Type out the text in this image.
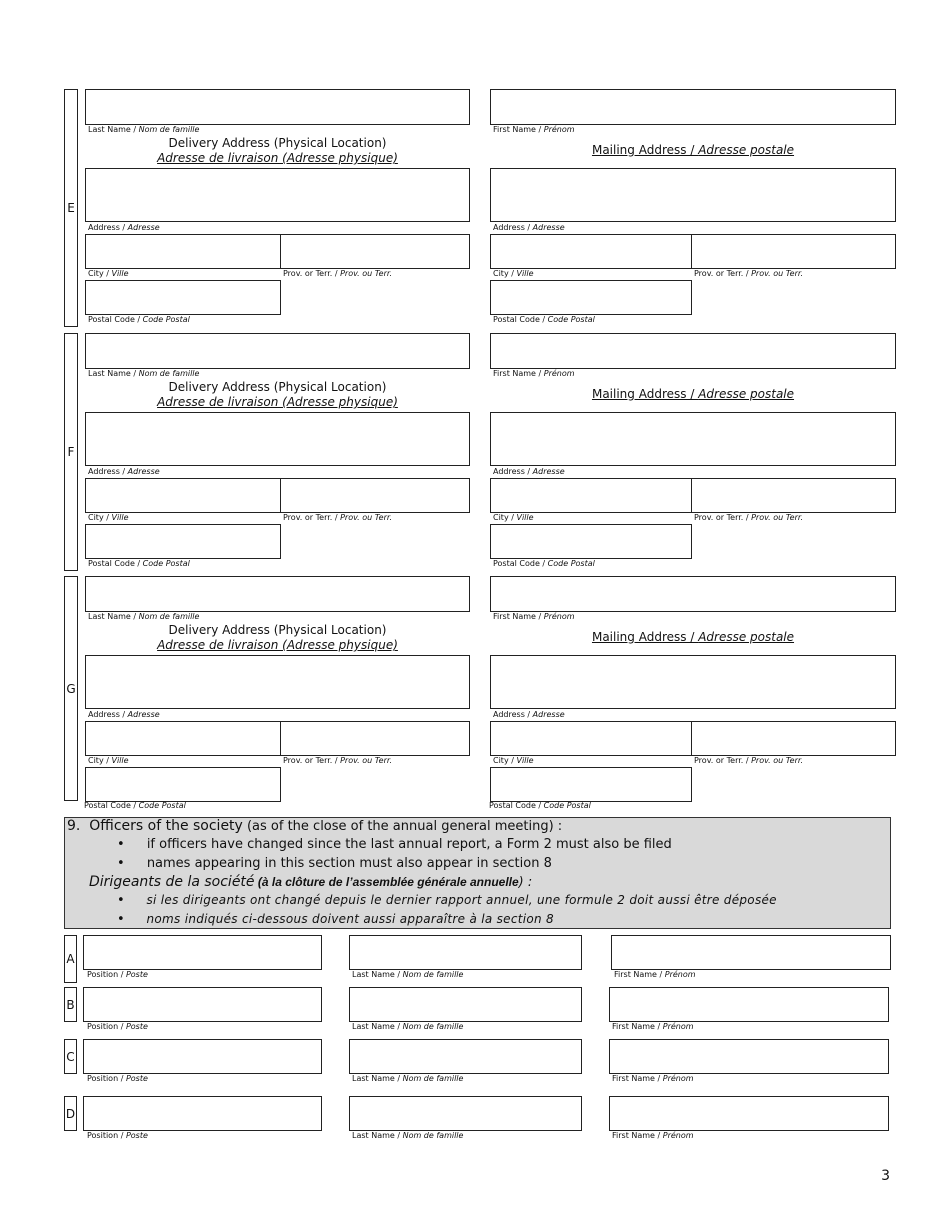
E
Last Name / Nom de famille	First Name / Prénom
Delivery Address (Physical Location)
Adresse de livraison (Adresse physique)
Mailing Address / Adresse postale
Address / Adresse	Address / Adresse
City / Ville	Prov. or Terr. / Prov. ou Terr.	City / Ville	Prov. or Terr. / Prov. ou Terr.
Postal Code / Code Postal	Postal Code / Code Postal
F
Last Name / Nom de famille	First Name / Prénom
Delivery Address (Physical Location)
Adresse de livraison (Adresse physique)
Mailing Address / Adresse postale
Address / Adresse	Address / Adresse
City / Ville	Prov. or Terr. / Prov. ou Terr.	City / Ville	Prov. or Terr. / Prov. ou Terr.
Postal Code / Code Postal	Postal Code / Code Postal
G
Last Name / Nom de famille	First Name / Prénom
Delivery Address (Physical Location)
Adresse de livraison (Adresse physique)
Mailing Address / Adresse postale
Address / Adresse	Address / Adresse
City / Ville	Prov. or Terr. / Prov. ou Terr.	City / Ville	Prov. or Terr. / Prov. ou Terr.
Postal Code / Code Postal	Postal Code / Code Postal
9. Officers of the society (as of the close of the annual general meeting) :
• if officers have changed since the last annual report, a Form 2 must also be filed
• names appearing in this section must also appear in section 8
Dirigeants de la société (à la clôture de l’assemblée générale annuelle) :
• si les dirigeants ont changé depuis le dernier rapport annuel, une formule 2 doit aussi être déposée
• noms indiqués ci-dessous doivent aussi apparaître à la section 8
A
Position / Poste	Last Name / Nom de famille	First Name / Prénom
B
Position / Poste	Last Name / Nom de famille	First Name / Prénom
C
Position / Poste	Last Name / Nom de famille	First Name / Prénom
D
Position / Poste	Last Name / Nom de famille	First Name / Prénom
3
